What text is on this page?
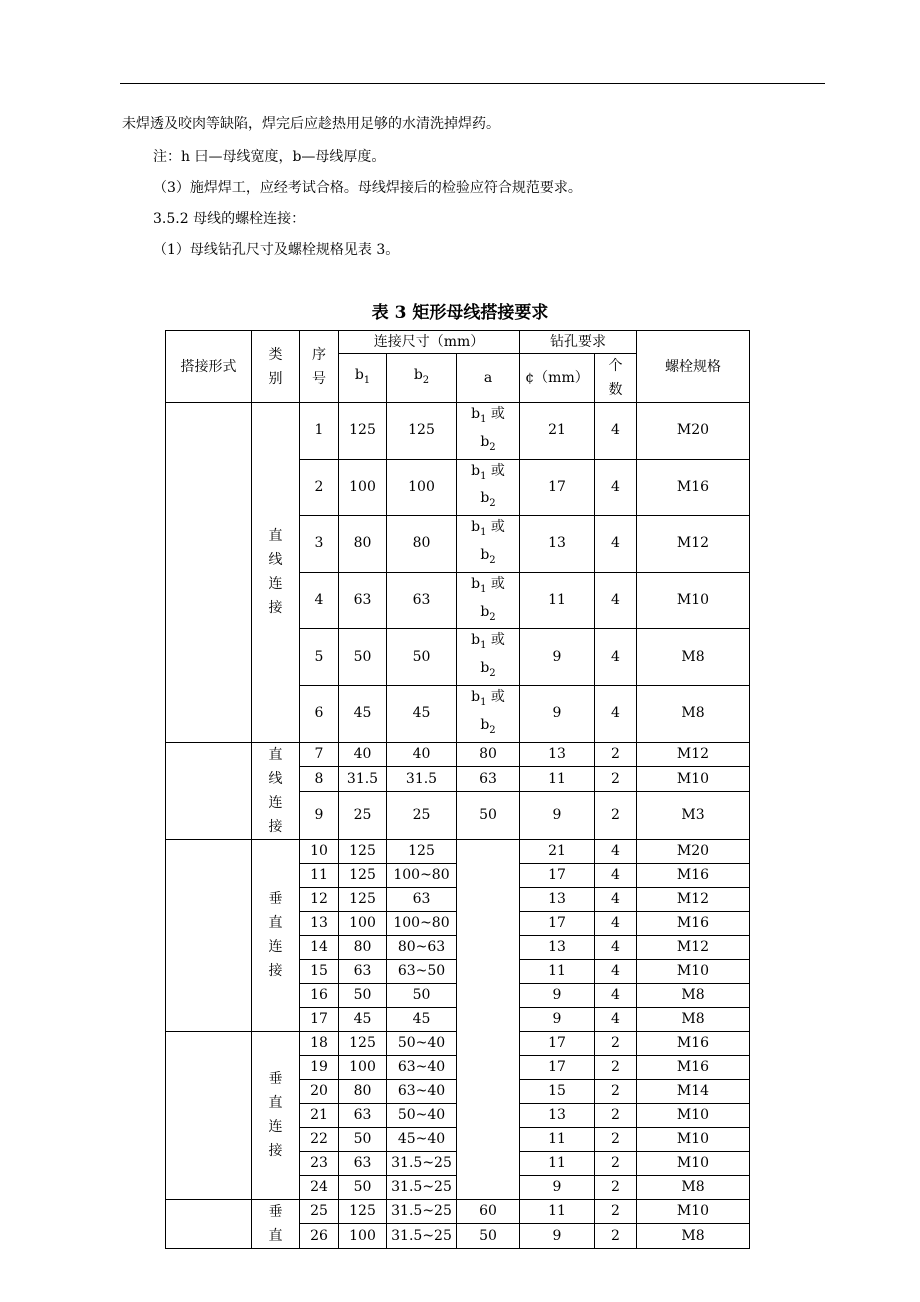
未焊透及咬肉等缺陷，焊完后应趁热用足够的水清洗掉焊药。
注：h 曰—母线宽度，b—母线厚度。
（3）施焊焊工，应经考试合格。母线焊接后的检验应符合规范要求。
3.5.2 母线的螺栓连接：
（1）母线钻孔尺寸及螺栓规格见表 3。
表 3 矩形母线搭接要求
搭接形式	类别	序号	连接尺寸（mm）			钻孔要求		螺栓规格
			$b_1$	$b_2$	a	¢（mm）	个数	
	直线连接	1	125	125	$b_1$ 或
$b_2$	21	4	M20
		2	100	100	$b_1$ 或
$b_2$	17	4	M16
		3	80	80	$b_1$ 或
$b_2$	13	4	M12
		4	63	63	$b_1$ 或
$b_2$	11	4	M10
		5	50	50	$b_1$ 或
$b_2$	9	4	M8
		6	45	45	$b_1$ 或
$b_2$	9	4	M8
	直线连接	7	40	40	80	13	2	M12
		8	31.5	31.5	63	11	2	M10
		9	25	25	50	9	2	M3
	垂直连接	10	125	125		21	4	M20
		11	125	100~80		17	4	M16
		12	125	63		13	4	M12
		13	100	100~80		17	4	M16
		14	80	80~63		13	4	M12
		15	63	63~50		11	4	M10
		16	50	50		9	4	M8
		17	45	45		9	4	M8
	垂直连接	18	125	50~40		17	2	M16
		19	100	63~40		17	2	M16
		20	80	63~40		15	2	M14
		21	63	50~40		13	2	M10
		22	50	45~40		11	2	M10
		23	63	31.5~25		11	2	M10
		24	50	31.5~25		9	2	M8
	垂直	25	125	31.5~25	60	11	2	M10
		26	100	31.5~25	50	9	2	M8
